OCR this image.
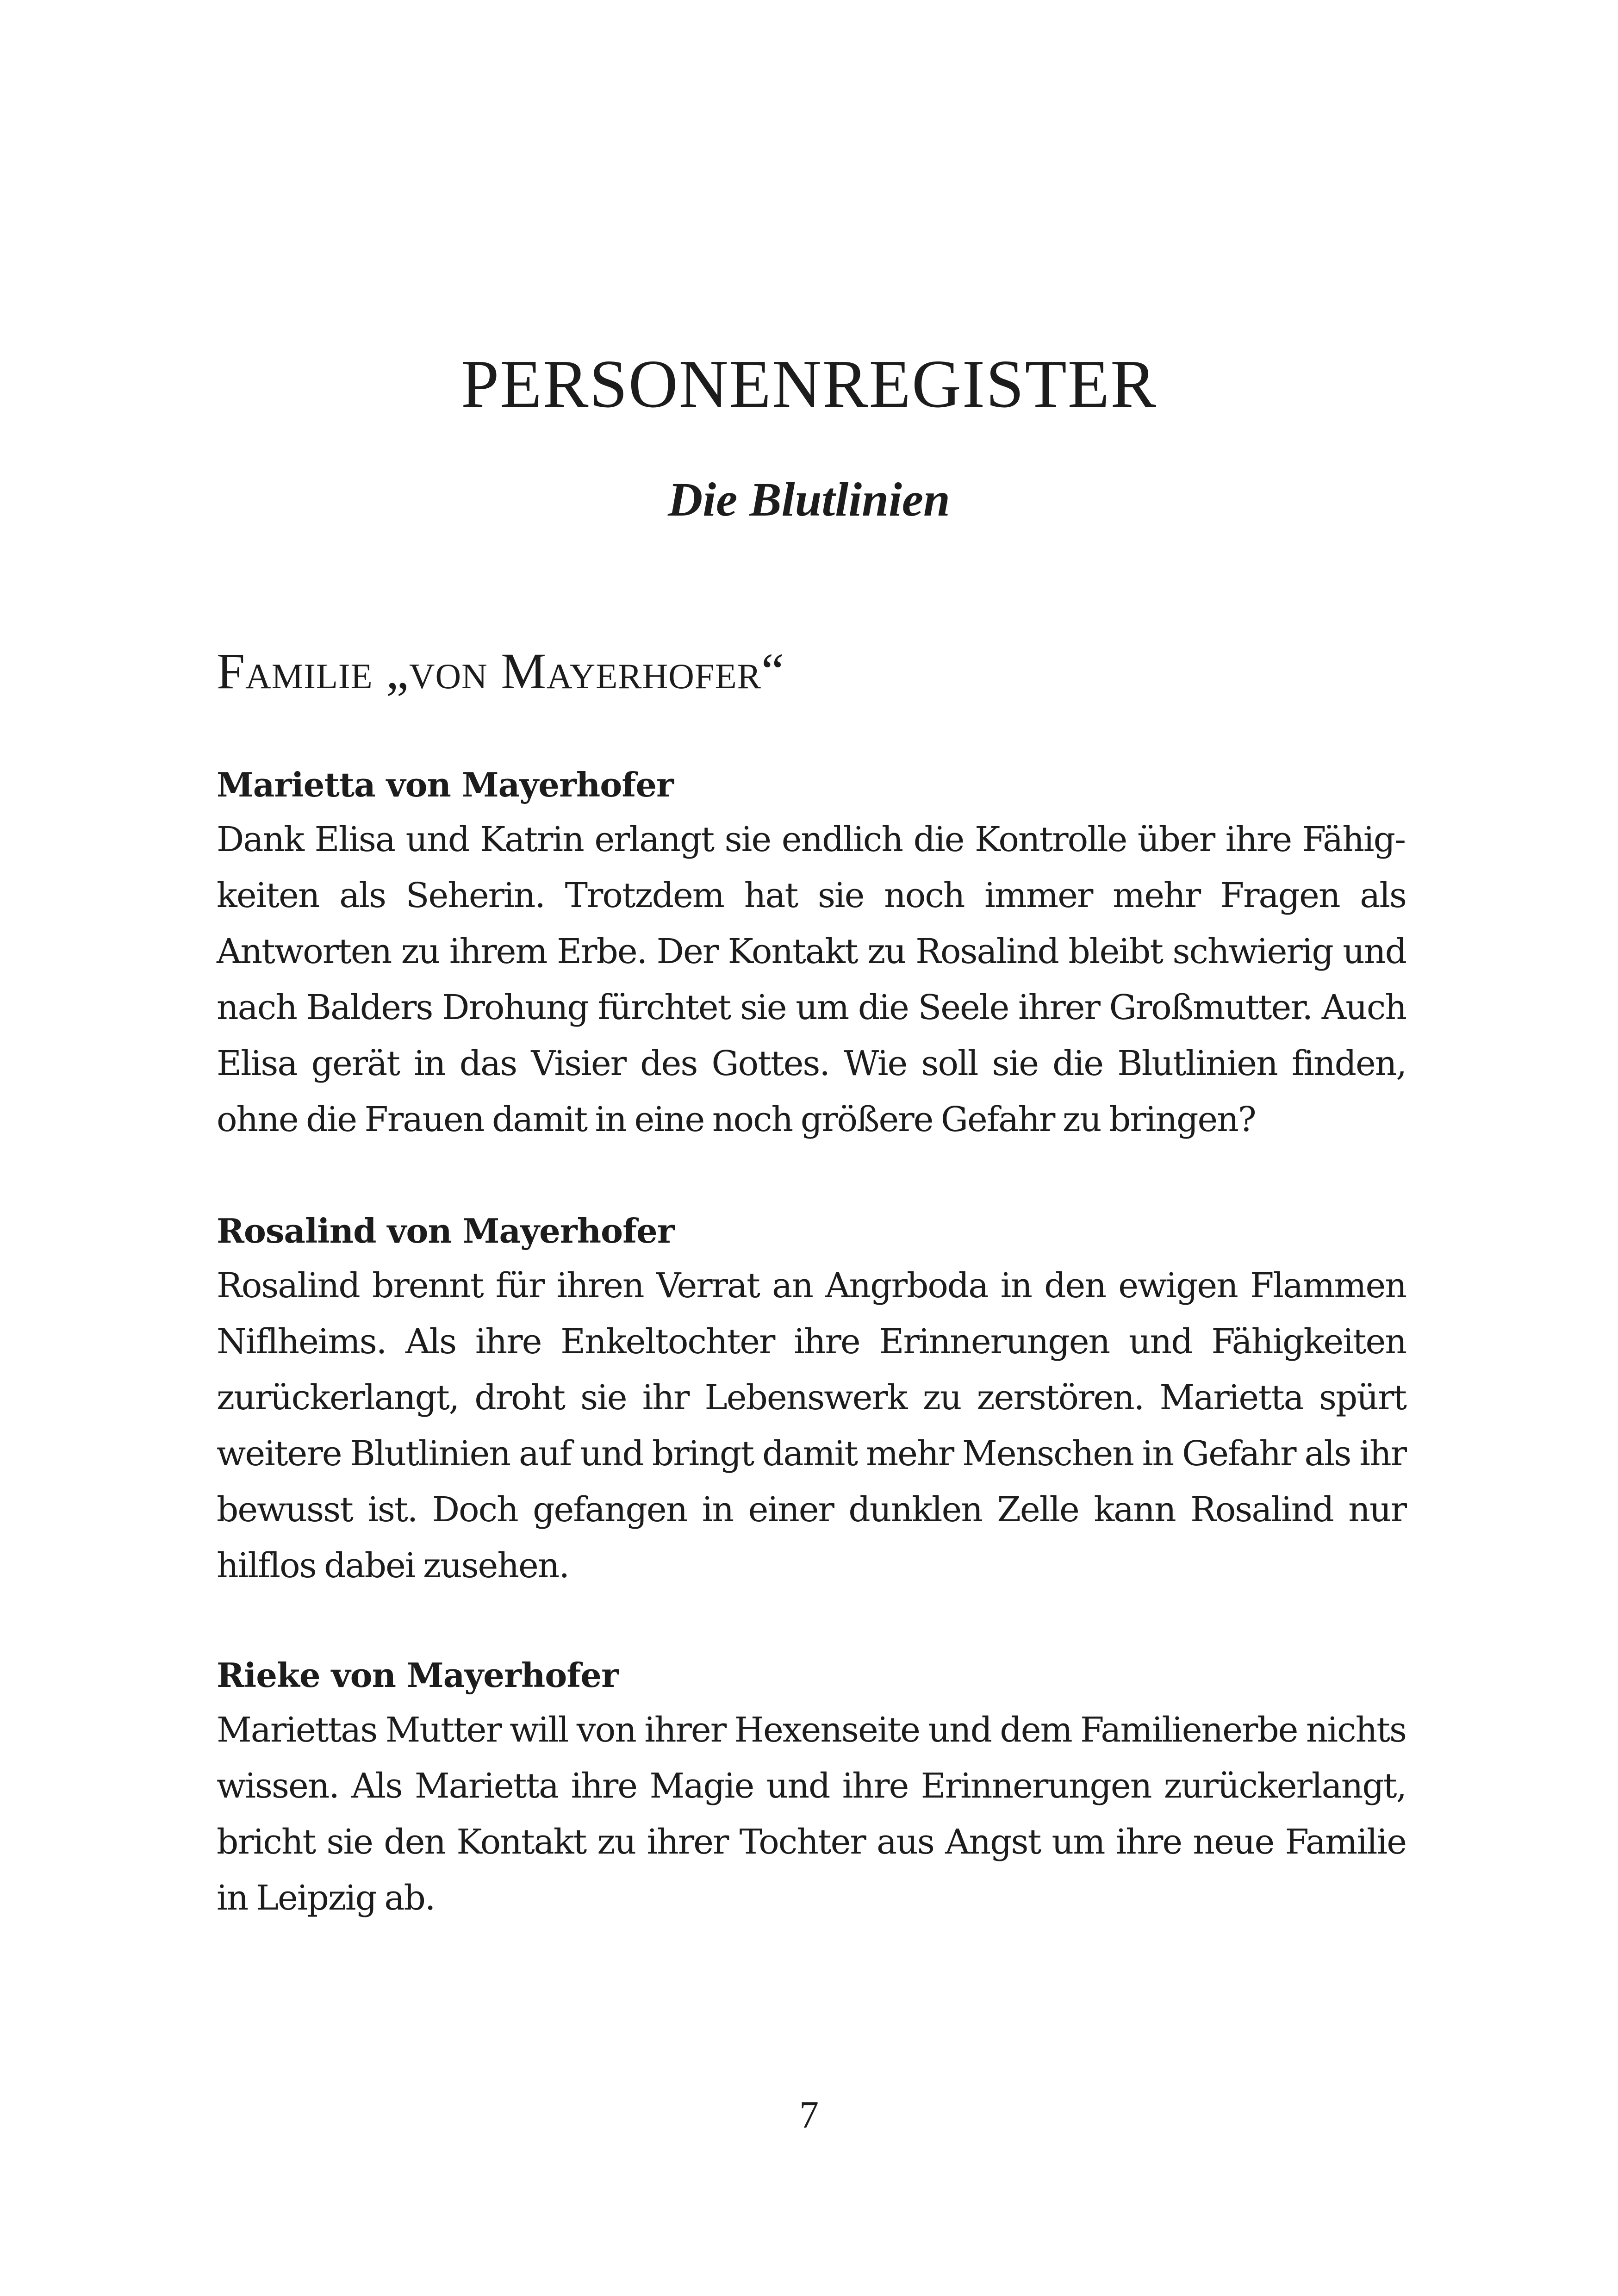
PERSONENREGISTER
Die Blutlinien
Familie „von Mayerhofer“

Marietta von Mayerhofer

Dank Elisa und Katrin erlangt sie endlich die Kontrolle über ihre Fähigkeiten als Seherin. Trotzdem hat sie noch immer mehr Fragen als Antworten zu ihrem Erbe. Der Kontakt zu Rosalind bleibt schwierig und nach Balders Drohung fürchtet sie um die Seele ihrer Großmutter. Auch Elisa gerät in das Visier des Gottes. Wie soll sie die Blutlinien finden, ohne die Frauen damit in eine noch größere Gefahr zu bringen?

Rosalind von Mayerhofer

Rosalind brennt für ihren Verrat an Angrboda in den ewigen Flammen Niflheims. Als ihre Enkeltochter ihre Erinnerungen und Fähigkeiten zurückerlangt, droht sie ihr Lebenswerk zu zerstören. Marietta spürt weitere Blutlinien auf und bringt damit mehr Menschen in Gefahr als ihr bewusst ist. Doch gefangen in einer dunklen Zelle kann Rosalind nur hilflos dabei zusehen.

Rieke von Mayerhofer

Mariettas Mutter will von ihrer Hexenseite und dem Familienerbe nichts wissen. Als Marietta ihre Magie und ihre Erinnerungen zurückerlangt, bricht sie den Kontakt zu ihrer Tochter aus Angst um ihre neue Familie in Leipzig ab.

7
